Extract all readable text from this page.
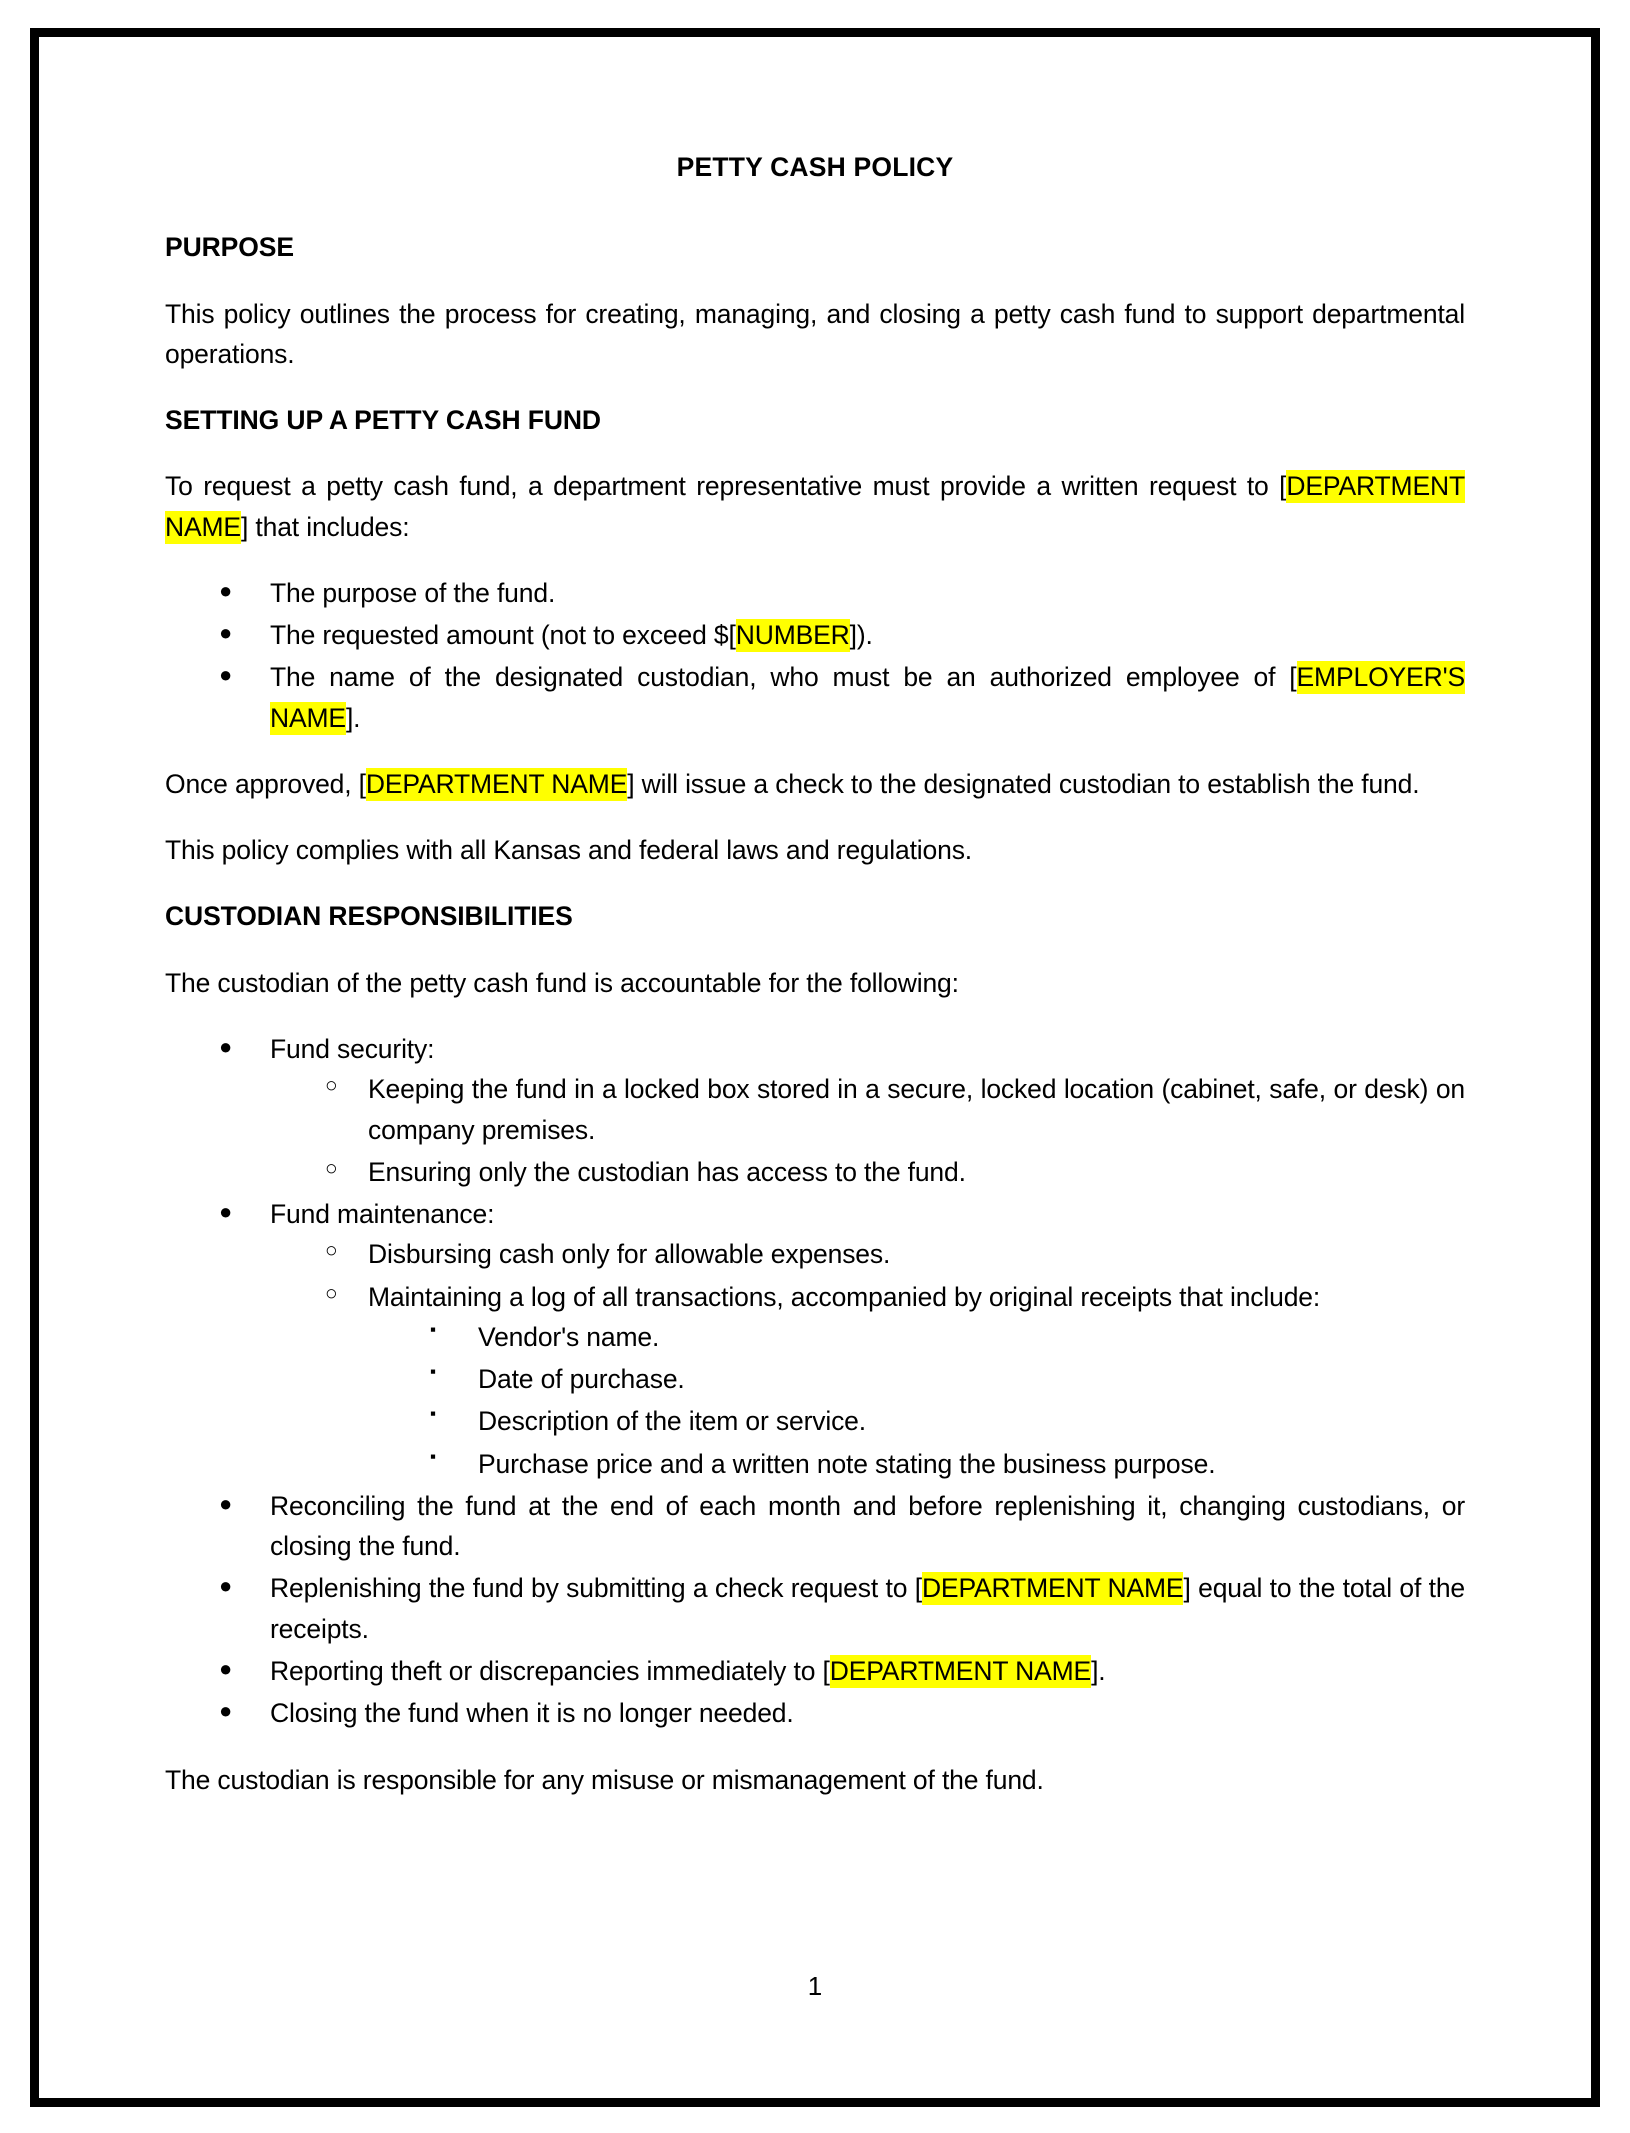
PETTY CASH POLICY
PURPOSE

This policy outlines the process for creating, managing, and closing a petty cash fund to support departmental operations.

SETTING UP A PETTY CASH FUND

To request a petty cash fund, a department representative must provide a written request to [DEPARTMENT NAME] that includes:

● The purpose of the fund.
● The requested amount (not to exceed $[NUMBER]).
● The name of the designated custodian, who must be an authorized employee of [EMPLOYER'S NAME].

Once approved, [DEPARTMENT NAME] will issue a check to the designated custodian to establish the fund.

This policy complies with all Kansas and federal laws and regulations.

CUSTODIAN RESPONSIBILITIES

The custodian of the petty cash fund is accountable for the following:

● Fund security:
○ Keeping the fund in a locked box stored in a secure, locked location (cabinet, safe, or desk) on company premises.
○ Ensuring only the custodian has access to the fund.
● Fund maintenance:
○ Disbursing cash only for allowable expenses.
○ Maintaining a log of all transactions, accompanied by original receipts that include:
▪ Vendor's name.
▪ Date of purchase.
▪ Description of the item or service.
▪ Purchase price and a written note stating the business purpose.
● Reconciling the fund at the end of each month and before replenishing it, changing custodians, or closing the fund.
● Replenishing the fund by submitting a check request to [DEPARTMENT NAME] equal to the total of the receipts.
● Reporting theft or discrepancies immediately to [DEPARTMENT NAME].
● Closing the fund when it is no longer needed.

The custodian is responsible for any misuse or mismanagement of the fund.

1
